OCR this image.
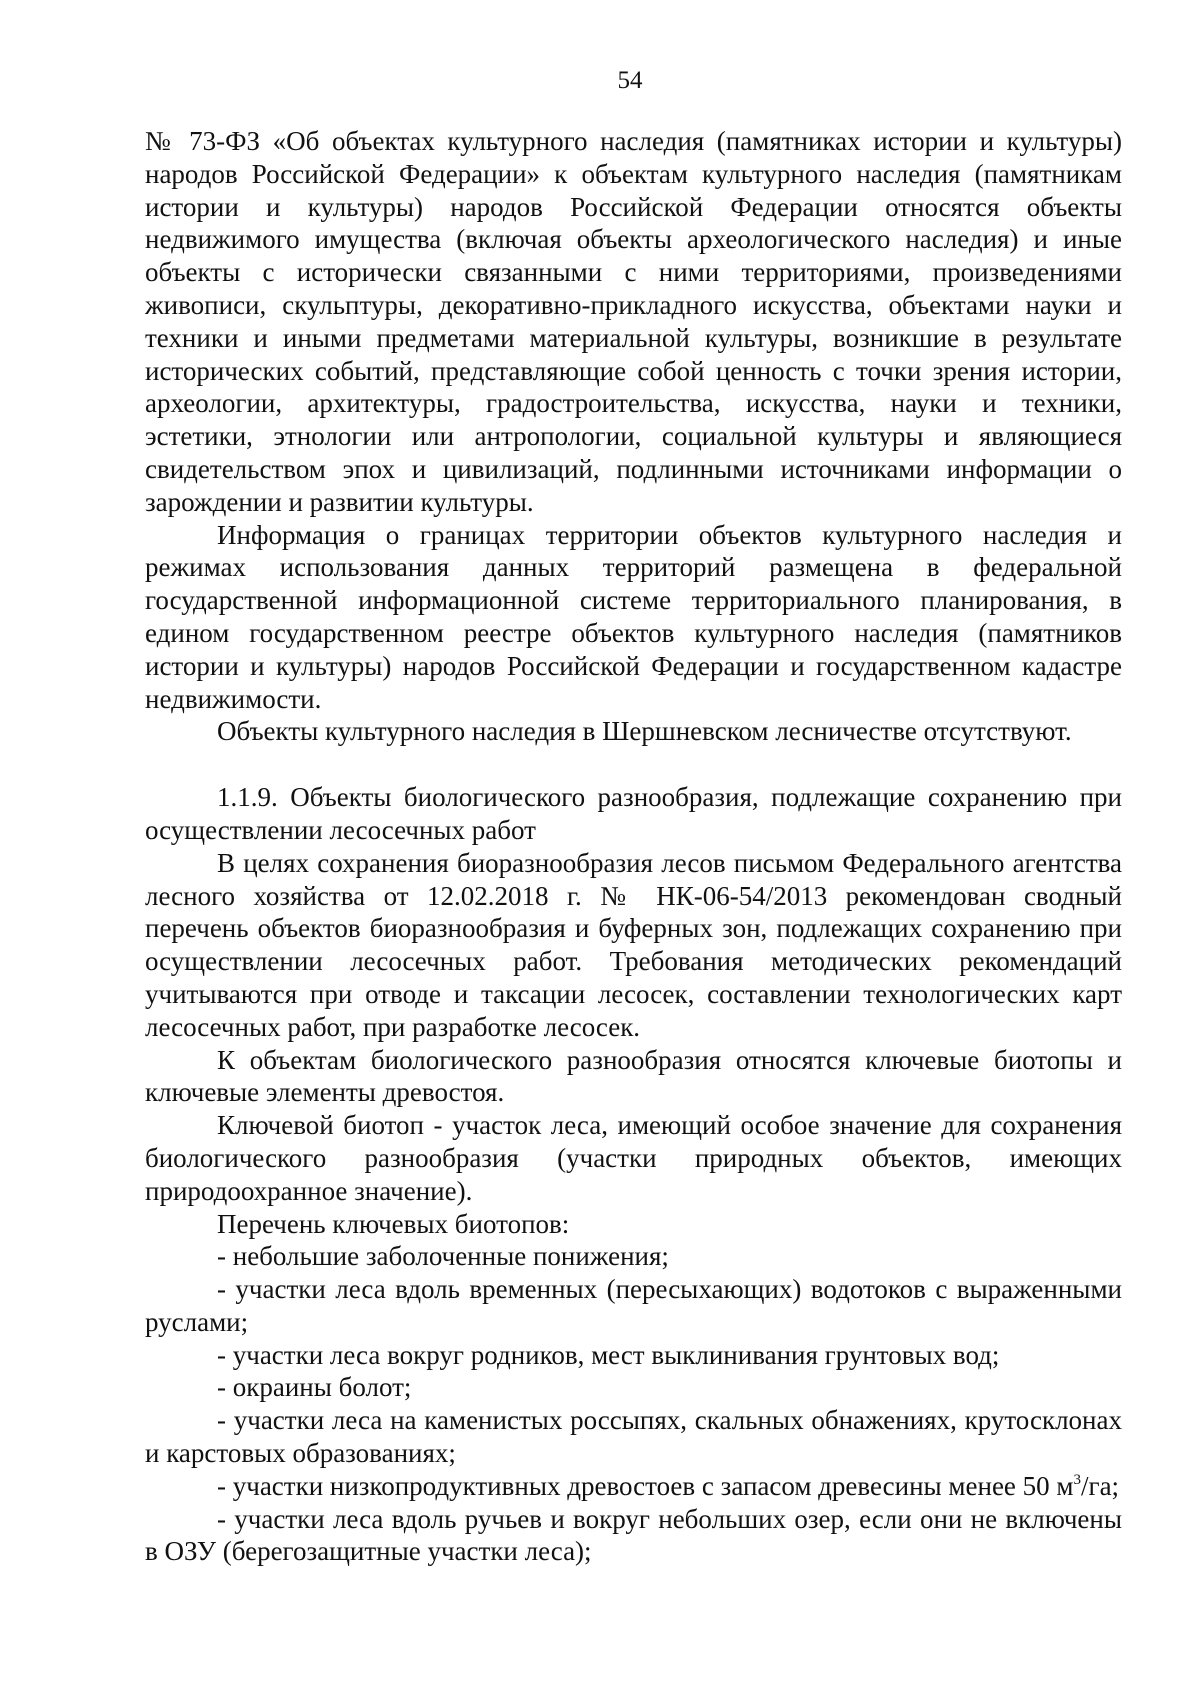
54

№ 73-ФЗ «Об объектах культурного наследия (памятниках истории и культуры) народов Российской Федерации» к объектам культурного наследия (памятникам истории и культуры) народов Российской Федерации относятся объекты недвижимого имущества (включая объекты археологического наследия) и иные объекты с исторически связанными с ними территориями, произведениями живописи, скульптуры, декоративно-прикладного искусства, объектами науки и техники и иными предметами материальной культуры, возникшие в результате исторических событий, представляющие собой ценность с точки зрения истории, археологии, архитектуры, градостроительства, искусства, науки и техники, эстетики, этнологии или антропологии, социальной культуры и являющиеся свидетельством эпох и цивилизаций, подлинными источниками информации о зарождении и развитии культуры.

Информация о границах территории объектов культурного наследия и режимах использования данных территорий размещена в федеральной государственной информационной системе территориального планирования, в едином государственном реестре объектов культурного наследия (памятников истории и культуры) народов Российской Федерации и государственном кадастре недвижимости.

Объекты культурного наследия в Шершневском лесничестве отсутствуют.

1.1.9. Объекты биологического разнообразия, подлежащие сохранению при осуществлении лесосечных работ

В целях сохранения биоразнообразия лесов письмом Федерального агентства лесного хозяйства от 12.02.2018 г. № НК-06-54/2013 рекомендован сводный перечень объектов биоразнообразия и буферных зон, подлежащих сохранению при осуществлении лесосечных работ. Требования методических рекомендаций учитываются при отводе и таксации лесосек, составлении технологических карт лесосечных работ, при разработке лесосек.

К объектам биологического разнообразия относятся ключевые биотопы и ключевые элементы древостоя.

Ключевой биотоп - участок леса, имеющий особое значение для сохранения биологического разнообразия (участки природных объектов, имеющих природоохранное значение).

Перечень ключевых биотопов:

- небольшие заболоченные понижения;

- участки леса вдоль временных (пересыхающих) водотоков с выраженными руслами;

- участки леса вокруг родников, мест выклинивания грунтовых вод;

- окраины болот;

- участки леса на каменистых россыпях, скальных обнажениях, крутосклонах и карстовых образованиях;

- участки низкопродуктивных древостоев с запасом древесины менее 50 $м^3/га$;

- участки леса вдоль ручьев и вокруг небольших озер, если они не включены в ОЗУ (берегозащитные участки леса);
